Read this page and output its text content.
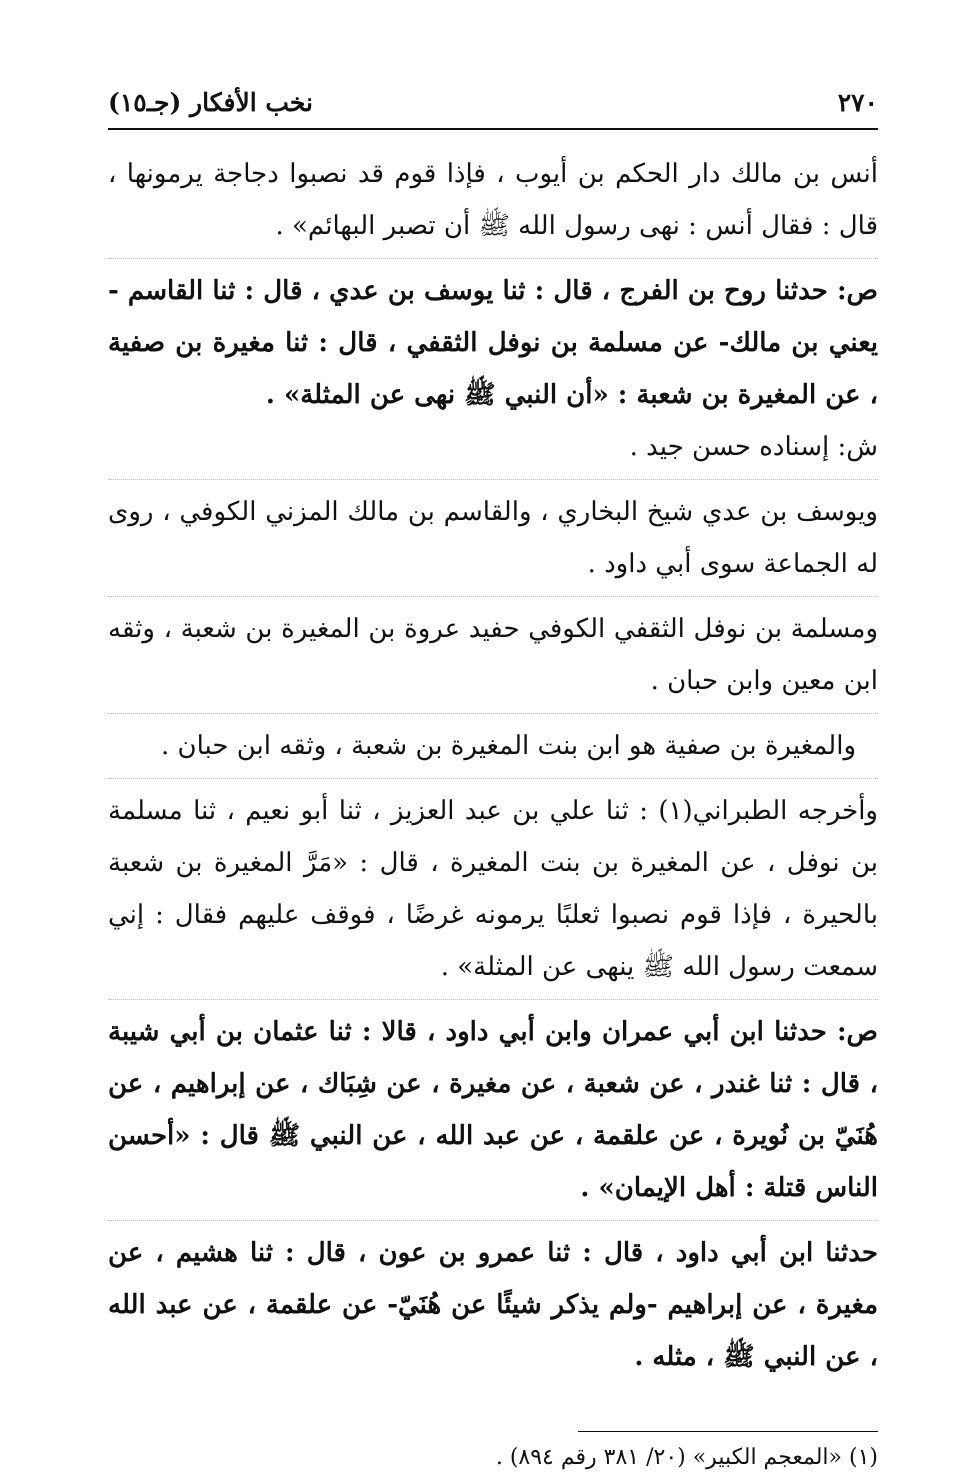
٢٧٠
نخب الأفكار (جـ١٥)

أنس بن مالك دار الحكم بن أيوب ، فإذا قوم قد نصبوا دجاجة يرمونها ، قال : فقال أنس : نهى رسول الله ﷺ أن تصبر البهائم» .

ص: حدثنا روح بن الفرج ، قال : ثنا يوسف بن عدي ، قال : ثنا القاسم - يعني بن مالك- عن مسلمة بن نوفل الثقفي ، قال : ثنا مغيرة بن صفية ، عن المغيرة بن شعبة : «أن النبي ﷺ نهى عن المثلة» .

ش: إسناده حسن جيد .

ويوسف بن عدي شيخ البخاري ، والقاسم بن مالك المزني الكوفي ، روى له الجماعة سوى أبي داود .

ومسلمة بن نوفل الثقفي الكوفي حفيد عروة بن المغيرة بن شعبة ، وثقه ابن معين وابن حبان .

والمغيرة بن صفية هو ابن بنت المغيرة بن شعبة ، وثقه ابن حبان .

وأخرجه الطبراني(١) : ثنا علي بن عبد العزيز ، ثنا أبو نعيم ، ثنا مسلمة بن نوفل ، عن المغيرة بن بنت المغيرة ، قال : «مَرَّ المغيرة بن شعبة بالحيرة ، فإذا قوم نصبوا ثعلبًا يرمونه غرضًا ، فوقف عليهم فقال : إني سمعت رسول الله ﷺ ينهى عن المثلة» .

ص: حدثنا ابن أبي عمران وابن أبي داود ، قالا : ثنا عثمان بن أبي شيبة ، قال : ثنا غندر ، عن شعبة ، عن مغيرة ، عن شِبَاك ، عن إبراهيم ، عن هُنَيّ بن نُويرة ، عن علقمة ، عن عبد الله ، عن النبي ﷺ قال : «أحسن الناس قتلة : أهل الإيمان» .

حدثنا ابن أبي داود ، قال : ثنا عمرو بن عون ، قال : ثنا هشيم ، عن مغيرة ، عن إبراهيم -ولم يذكر شيئًا عن هُنَيّ- عن علقمة ، عن عبد الله ، عن النبي ﷺ ، مثله .

(١) «المعجم الكبير» (٢٠/ ٣٨١ رقم ٨٩٤) .
